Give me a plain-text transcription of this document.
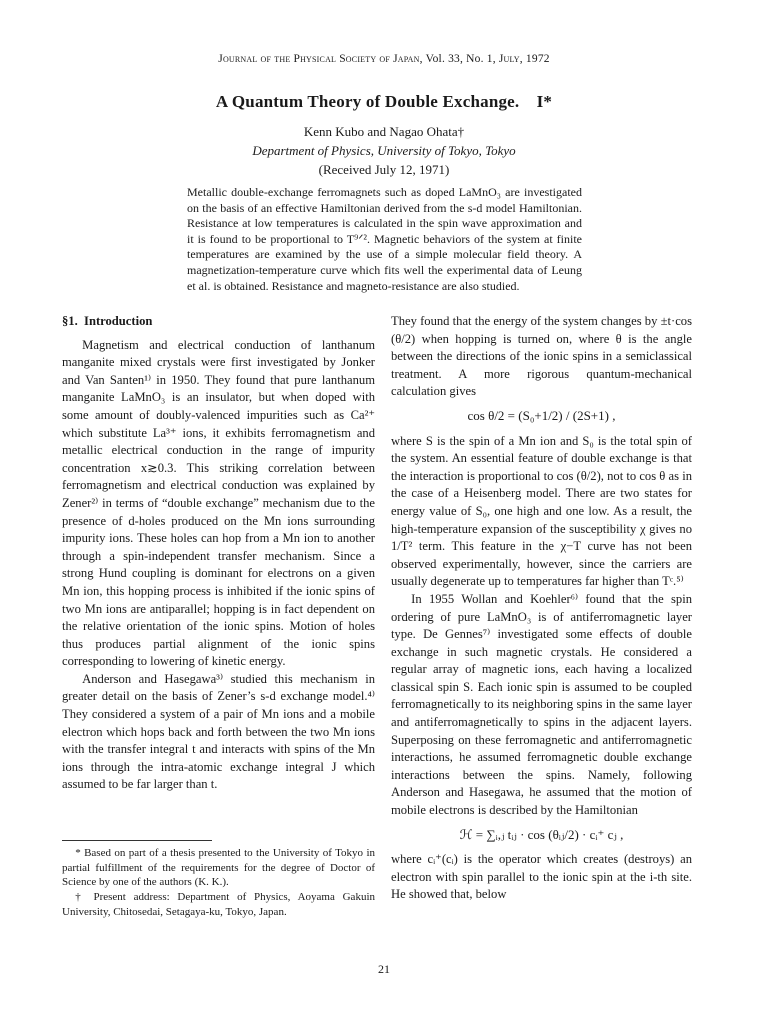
Journal of the Physical Society of Japan, Vol. 33, No. 1, July, 1972
A Quantum Theory of Double Exchange. I*
Kenn Kubo and Nagao Ohata†
Department of Physics, University of Tokyo, Tokyo
(Received July 12, 1971)

Metallic double-exchange ferromagnets such as doped LaMnO₃ are investigated on the basis of an effective Hamiltonian derived from the s-d model Hamiltonian. Resistance at low temperatures is calculated in the spin wave approximation and it is found to be proportional to T⁹ᐟ². Magnetic behaviors of the system at finite temperatures are examined by the use of a simple molecular field theory. A magnetization-temperature curve which fits well the experimental data of Leung et al. is obtained. Resistance and magneto-resistance are also studied.

§1. Introduction

Magnetism and electrical conduction of lanthanum manganite mixed crystals were first investigated by Jonker and Van Santen¹⁾ in 1950. They found that pure lanthanum manganite LaMnO₃ is an insulator, but when doped with some amount of doubly-valenced impurities such as Ca²⁺ which substitute La³⁺ ions, it exhibits ferromagnetism and metallic electrical conduction in the range of impurity concentration x≳0.3. This striking correlation between ferromagnetism and electrical conduction was explained by Zener²⁾ in terms of “double exchange” mechanism due to the presence of d-holes produced on the Mn ions surrounding impurity ions. These holes can hop from a Mn ion to another through a spin-independent transfer mechanism. Since a strong Hund coupling is dominant for electrons on a given Mn ion, this hopping process is inhibited if the ionic spins of two Mn ions are antiparallel; hopping is in fact dependent on the relative orientation of the ionic spins. Motion of holes thus produces partial alignment of the ionic spins corresponding to lowering of kinetic energy.

Anderson and Hasegawa³⁾ studied this mechanism in greater detail on the basis of Zener’s s-d exchange model.⁴⁾ They considered a system of a pair of Mn ions and a mobile electron which hops back and forth between the two Mn ions with the transfer integral t and interacts with spins of the Mn ions through the intra-atomic exchange integral J which assumed to be far larger than t.

They found that the energy of the system changes by ±t·cos (θ/2) when hopping is turned on, where θ is the angle between the directions of the ionic spins in a semiclassical treatment. A more rigorous quantum-mechanical calculation gives

cos θ/2 = (S₀+1/2) / (2S+1) ,

where S is the spin of a Mn ion and S₀ is the total spin of the system. An essential feature of double exchange is that the interaction is proportional to cos (θ/2), not to cos θ as in the case of a Heisenberg model. There are two states for energy value of S₀, one high and one low. As a result, the high-temperature expansion of the susceptibility χ gives no 1/T² term. This feature in the χ−T curve has not been observed experimentally, however, since the carriers are usually degenerate up to temperatures far higher than Tᶜ.⁵⁾

In 1955 Wollan and Koehler⁶⁾ found that the spin ordering of pure LaMnO₃ is of antiferromagnetic layer type. De Gennes⁷⁾ investigated some effects of double exchange in such magnetic crystals. He considered a regular array of magnetic ions, each having a localized classical spin S. Each ionic spin is assumed to be coupled ferromagnetically to its neighboring spins in the same layer and antiferromagnetically to spins in the adjacent layers. Superposing on these ferromagnetic and antiferromagnetic interactions, he assumed ferromagnetic double exchange interactions between the spins. Namely, following Anderson and Hasegawa, he assumed that the motion of mobile electrons is described by the Hamiltonian

ℋ = ∑ᵢ,ⱼ tᵢⱼ · cos (θᵢⱼ/2) · cᵢ⁺ cⱼ ,

where cᵢ⁺(cᵢ) is the operator which creates (destroys) an electron with spin parallel to the ionic spin at the i-th site. He showed that, below

* Based on part of a thesis presented to the University of Tokyo in partial fulfillment of the requirements for the degree of Doctor of Science by one of the authors (K. K.).

† Present address: Department of Physics, Aoyama Gakuin University, Chitosedai, Setagaya-ku, Tokyo, Japan.

21
